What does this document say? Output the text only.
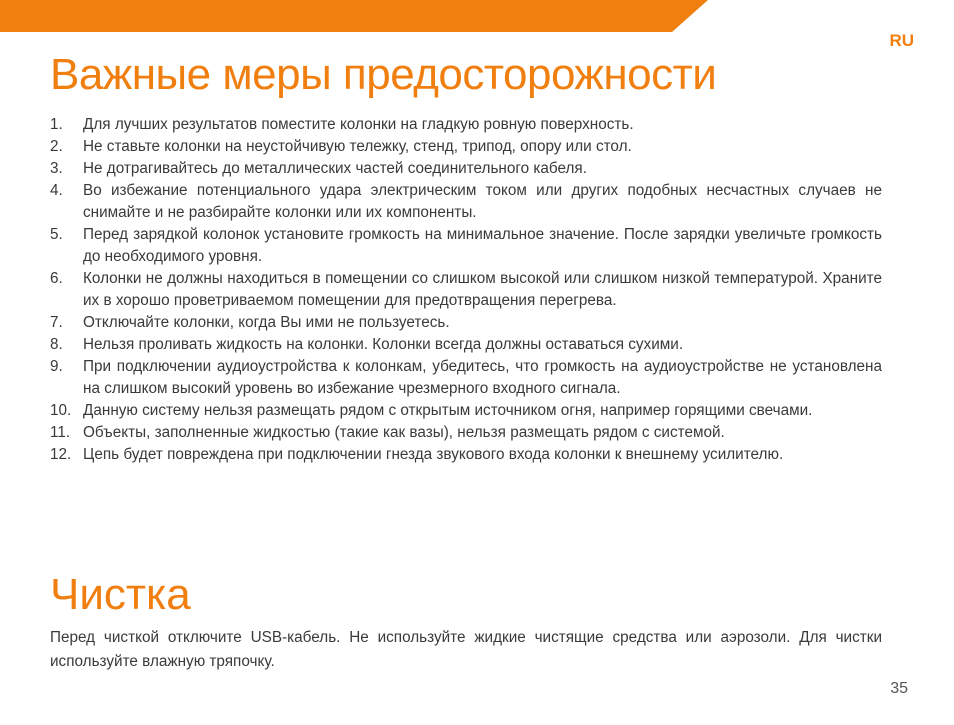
RU
Важные меры предосторожности
1.	Для лучших результатов поместите колонки на гладкую ровную поверхность.
2.	Не ставьте колонки на неустойчивую тележку, стенд, трипод, опору или стол.
3.	Не дотрагивайтесь до металлических частей соединительного кабеля.
4.	Во избежание потенциального удара электрическим током или других подобных несчастных случаев не снимайте и не разбирайте колонки или их компоненты.
5.	Перед зарядкой колонок установите громкость на минимальное значение. После зарядки увеличьте громкость до необходимого уровня.
6.	Колонки не должны находиться в помещении со слишком высокой или слишком низкой температурой. Храните их в хорошо проветриваемом помещении для предотвращения перегрева.
7.	Отключайте колонки, когда Вы ими не пользуетесь.
8.	Нельзя проливать жидкость на колонки. Колонки всегда должны оставаться сухими.
9.	При подключении аудиоустройства к колонкам, убедитесь, что громкость на аудиоустройстве не установлена на слишком высокий уровень во избежание чрезмерного входного сигнала.
10. Данную систему нельзя размещать рядом с открытым источником огня, например горящими свечами.
11. Объекты, заполненные жидкостью (такие как вазы), нельзя размещать рядом с системой.
12. Цепь будет повреждена при подключении гнезда звукового входа колонки к внешнему усилителю.
Чистка

Перед чисткой отключите USB-кабель. Не используйте жидкие чистящие средства или аэрозоли. Для чистки используйте влажную тряпочку.

35
